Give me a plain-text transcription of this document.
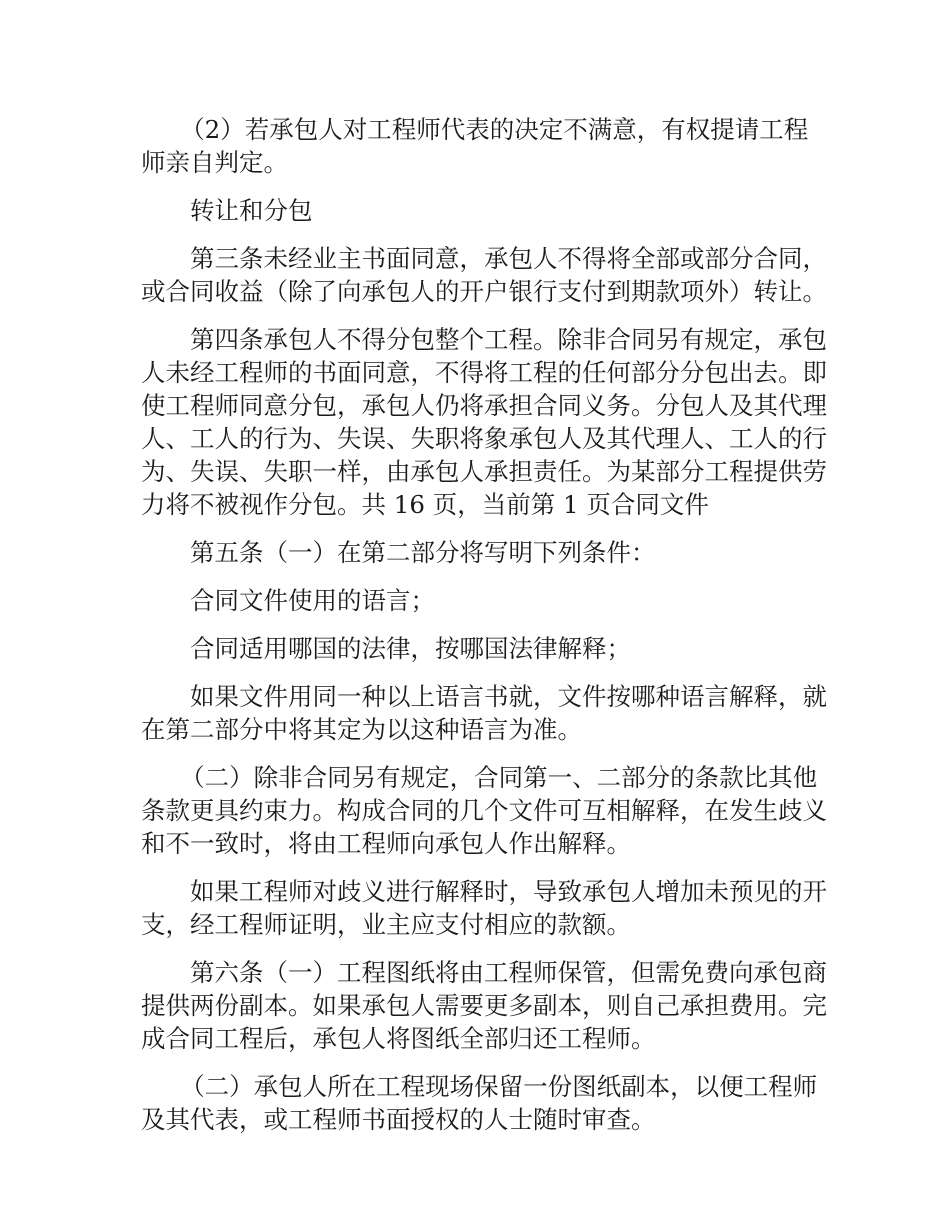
（2）若承包人对工程师代表的决定不满意，有权提请工程师亲自判定。

转让和分包

第三条未经业主书面同意，承包人不得将全部或部分合同，或合同收益（除了向承包人的开户银行支付到期款项外）转让。

第四条承包人不得分包整个工程。除非合同另有规定，承包人未经工程师的书面同意，不得将工程的任何部分分包出去。即使工程师同意分包，承包人仍将承担合同义务。分包人及其代理人、工人的行为、失误、失职将象承包人及其代理人、工人的行为、失误、失职一样，由承包人承担责任。为某部分工程提供劳力将不被视作分包。共 16 页，当前第 1 页合同文件

第五条（一）在第二部分将写明下列条件：

合同文件使用的语言；

合同适用哪国的法律，按哪国法律解释；

如果文件用同一种以上语言书就，文件按哪种语言解释，就在第二部分中将其定为以这种语言为准。

（二）除非合同另有规定，合同第一、二部分的条款比其他条款更具约束力。构成合同的几个文件可互相解释，在发生歧义和不一致时，将由工程师向承包人作出解释。

如果工程师对歧义进行解释时，导致承包人增加未预见的开支，经工程师证明，业主应支付相应的款额。

第六条（一）工程图纸将由工程师保管，但需免费向承包商提供两份副本。如果承包人需要更多副本，则自己承担费用。完成合同工程后，承包人将图纸全部归还工程师。

（二）承包人所在工程现场保留一份图纸副本，以便工程师及其代表，或工程师书面授权的人士随时审查。
